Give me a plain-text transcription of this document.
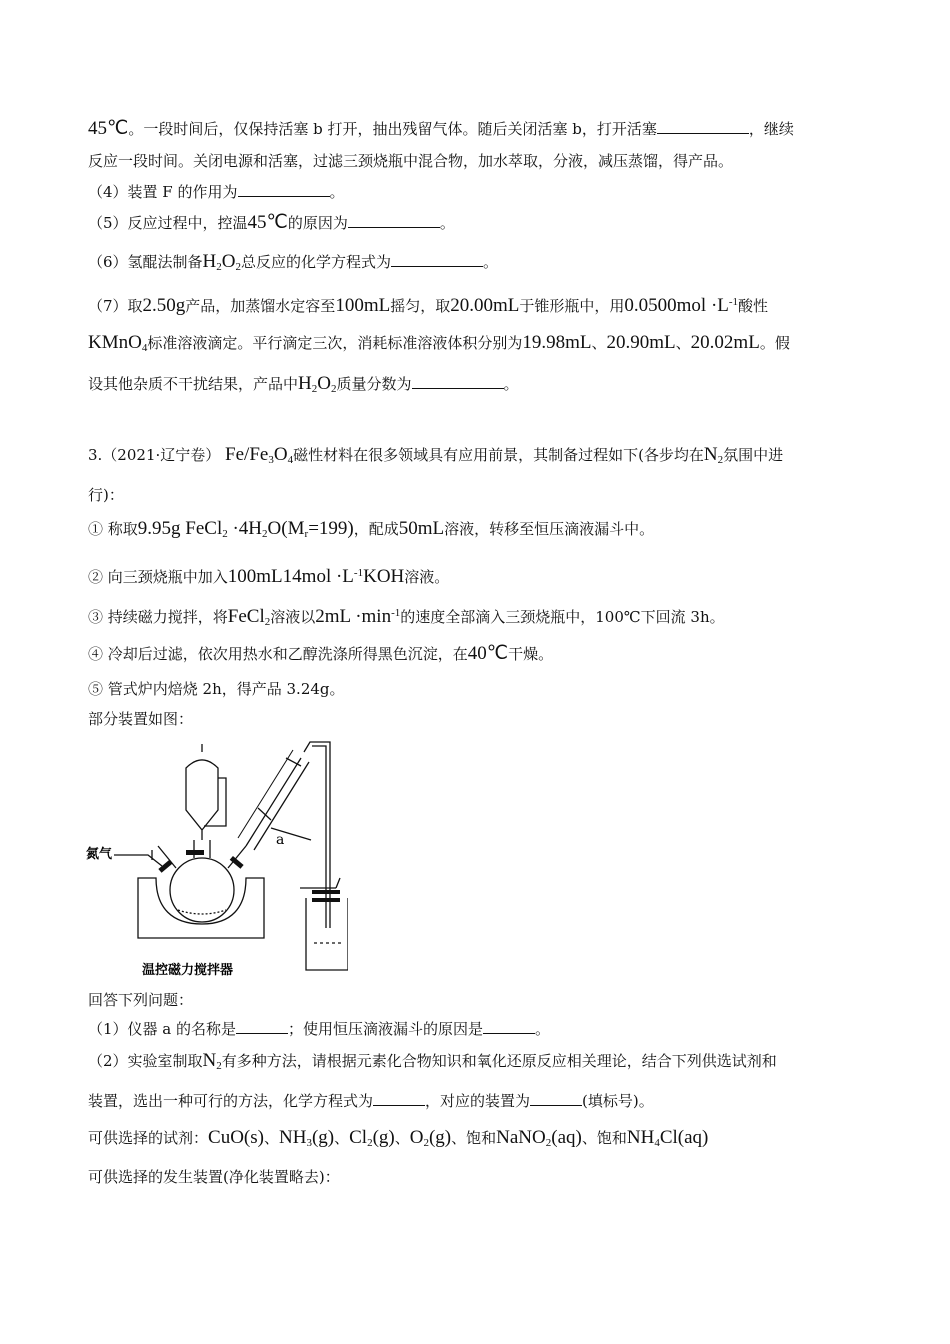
45℃。一段时间后，仅保持活塞 b 打开，抽出残留气体。随后关闭活塞 b，打开活塞	，继续
反应一段时间。关闭电源和活塞，过滤三颈烧瓶中混合物，加水萃取，分液，减压蒸馏，得产品。
（4）装置 F 的作用为	。
（5）反应过程中，控温45℃的原因为	。
（6）氢醌法制备$H_2O_2$总反应的化学方程式为	。
（7）取2.50g产品，加蒸馏水定容至100mL摇匀，取20.00mL于锥形瓶中，用$0.0500mol \cdot L^{-1}$酸性
KMnO$_4$标准溶液滴定。平行滴定三次，消耗标准溶液体积分别为19.98mL、20.90mL、20.02mL。假
设其他杂质不干扰结果，产品中$H_2O_2$质量分数为	。
3.（2021·辽宁卷） $Fe/Fe_3O_4$磁性材料在很多领域具有应用前景，其制备过程如下(各步均在$N_2$氛围中进
行)：
① 称取9.95g FeCl$_2$ $\cdot 4H_2O(M_r=199)$，配成50mL溶液，转移至恒压滴液漏斗中。
② 向三颈烧瓶中加入$100mL14mol \cdot L^{-1}KOH$溶液。
③ 持续磁力搅拌，将FeCl$_2$溶液以$2mL \cdot\min^{-1}$的速度全部滴入三颈烧瓶中，100℃下回流 3h。
④ 冷却后过滤，依次用热水和乙醇洗涤所得黑色沉淀，在40℃干燥。
⑤ 管式炉内焙烧 2h，得产品 3.24g。
部分装置如图：
氮气
a
温控磁力搅拌器
回答下列问题：
（1）仪器 a 的名称是	；使用恒压滴液漏斗的原因是	。
（2）实验室制取$N_2$有多种方法，请根据元素化合物知识和氧化还原反应相关理论，结合下列供选试剂和
装置，选出一种可行的方法，化学方程式为	，对应的装置为	(填标号)。
可供选择的试剂：CuO(s)、$NH_3(g)$、$Cl_2(g)$、$O_2(g)$、饱和NaNO$_2$(aq)、饱和$NH_4Cl(aq)$
可供选择的发生装置(净化装置略去)：
